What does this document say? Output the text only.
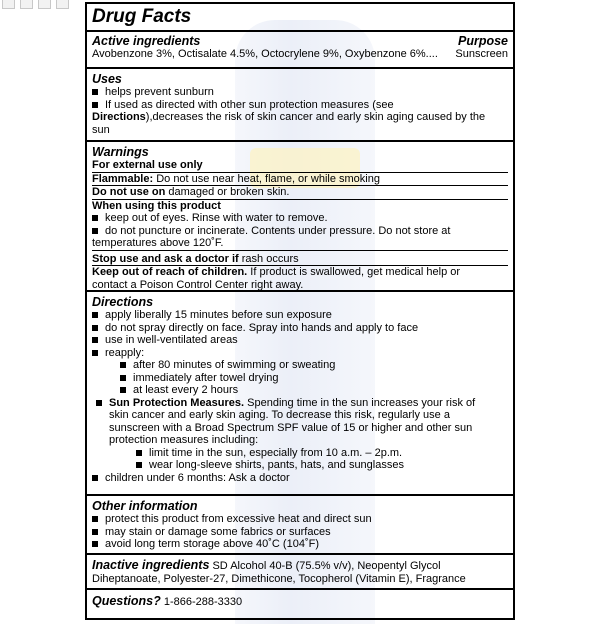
Drug Facts
Active ingredients	Purpose
Avobenzone 3%, Octisalate 4.5%, Octocrylene 9%, Oxybenzone 6%.... Sunscreen
Uses
helps prevent sunburn
If used as directed with other sun protection measures (see
Directions),decreases the risk of skin cancer and early skin aging caused by the
sun
Warnings
For external use only
Flammable: Do not use near heat, flame, or while smoking
Do not use on damaged or broken skin.
When using this product
keep out of eyes. Rinse with water to remove.
do not puncture or incinerate. Contents under pressure. Do not store at
temperatures above 120˚F.
Stop use and ask a doctor if rash occurs
Keep out of reach of children. If product is swallowed, get medical help or
contact a Poison Control Center right away.
Directions
apply liberally 15 minutes before sun exposure
do not spray directly on face. Spray into hands and apply to face
use in well-ventilated areas
reapply:
after 80 minutes of swimming or sweating
immediately after towel drying
at least every 2 hours
Sun Protection Measures. Spending time in the sun increases your risk of
skin cancer and early skin aging. To decrease this risk, regularly use a
sunscreen with a Broad Spectrum SPF value of 15 or higher and other sun
protection measures including:
limit time in the sun, especially from 10 a.m. – 2p.m.
wear long-sleeve shirts, pants, hats, and sunglasses
children under 6 months: Ask a doctor
Other information
protect this product from excessive heat and direct sun
may stain or damage some fabrics or surfaces
avoid long term storage above 40˚C (104˚F)
Inactive ingredients SD Alcohol 40-B (75.5% v/v), Neopentyl Glycol
Diheptanoate, Polyester-27, Dimethicone, Tocopherol (Vitamin E), Fragrance
Questions? 1-866-288-3330
